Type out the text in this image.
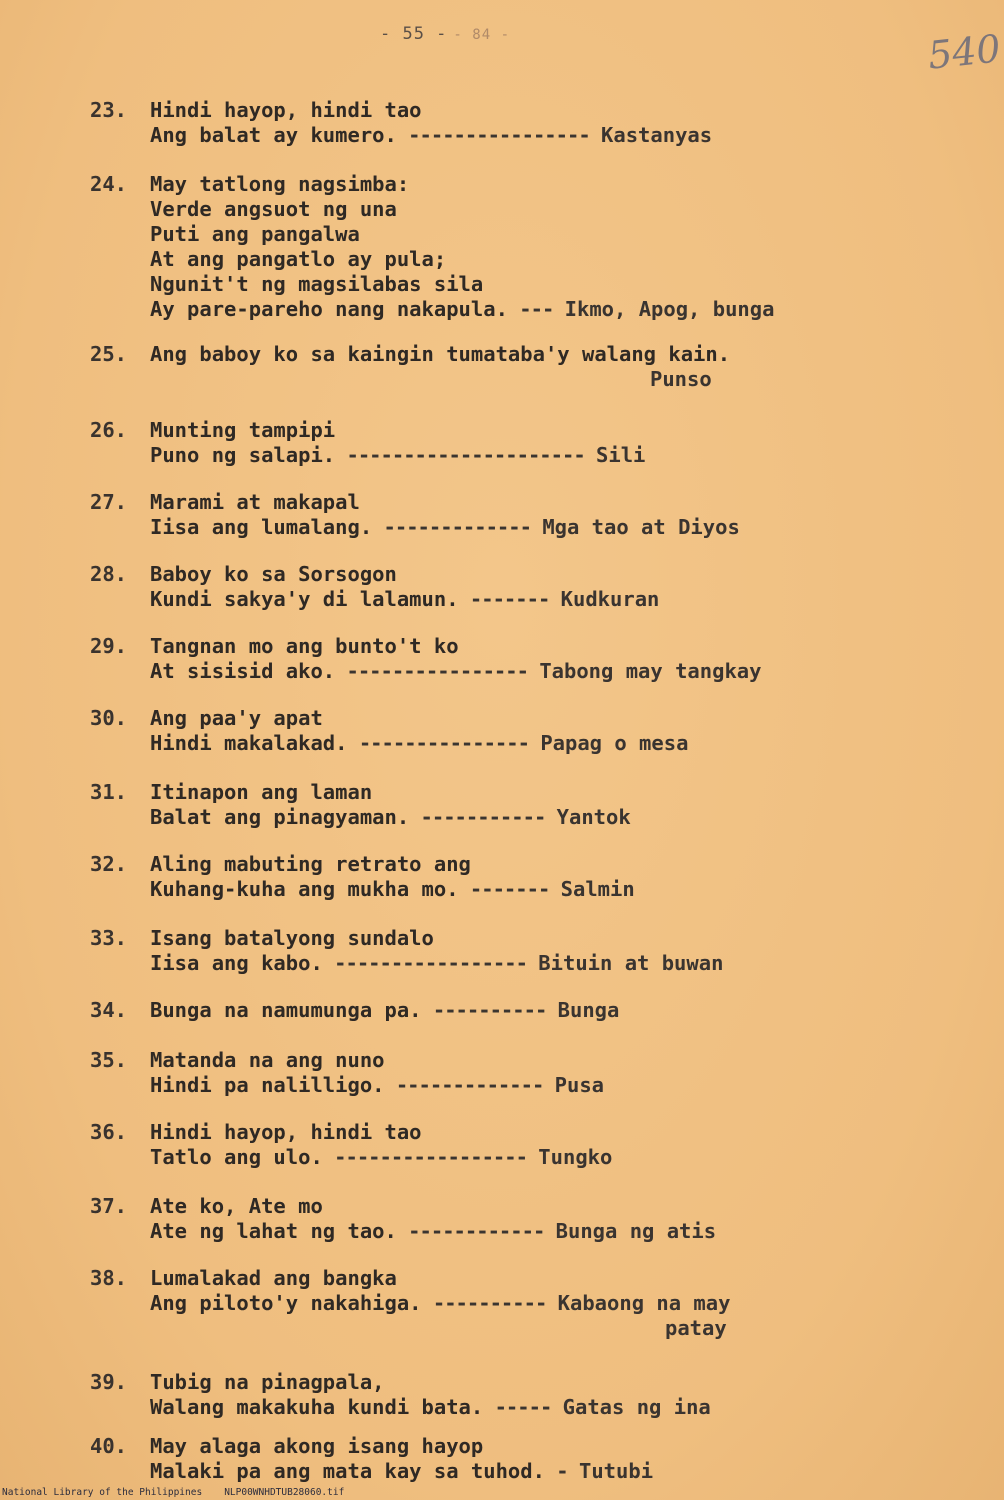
- 55 - - 84 -	540
23. Hindi hayop, hindi tao
Ang balat ay kumero. ---------------- Kastanyas
24. May tatlong nagsimba:
Verde angsuot ng una
Puti ang pangalwa
At ang pangatlo ay pula;
Ngunit't ng magsilabas sila
Ay pare-pareho nang nakapula. --- Ikmo, Apog, bunga
25. Ang baboy ko sa kaingin tumataba'y walang kain.
Punso
26. Munting tampipi
Puno ng salapi. --------------------- Sili
27. Marami at makapal
Iisa ang lumalang. ------------- Mga tao at Diyos
28. Baboy ko sa Sorsogon
Kundi sakya'y di lalamun. ------- Kudkuran
29. Tangnan mo ang bunto't ko
At sisisid ako. ---------------- Tabong may tangkay
30. Ang paa'y apat
Hindi makalakad. --------------- Papag o mesa
31. Itinapon ang laman
Balat ang pinagyaman. ----------- Yantok
32. Aling mabuting retrato ang
Kuhang-kuha ang mukha mo. ------- Salmin
33. Isang batalyong sundalo
Iisa ang kabo. ----------------- Bituin at buwan
34. Bunga na namumunga pa. ---------- Bunga
35. Matanda na ang nuno
Hindi pa nalilligo. ------------- Pusa
36. Hindi hayop, hindi tao
Tatlo ang ulo. ----------------- Tungko
37. Ate ko, Ate mo
Ate ng lahat ng tao. ------------ Bunga ng atis
38. Lumalakad ang bangka
Ang piloto'y nakahiga. ---------- Kabaong na may
patay
39. Tubig na pinagpala,
Walang makakuha kundi bata. ----- Gatas ng ina
40. May alaga akong isang hayop
Malaki pa ang mata kay sa tuhod. - Tutubi
National Library of the Philippines NLP00WNHDTUB28060.tif
